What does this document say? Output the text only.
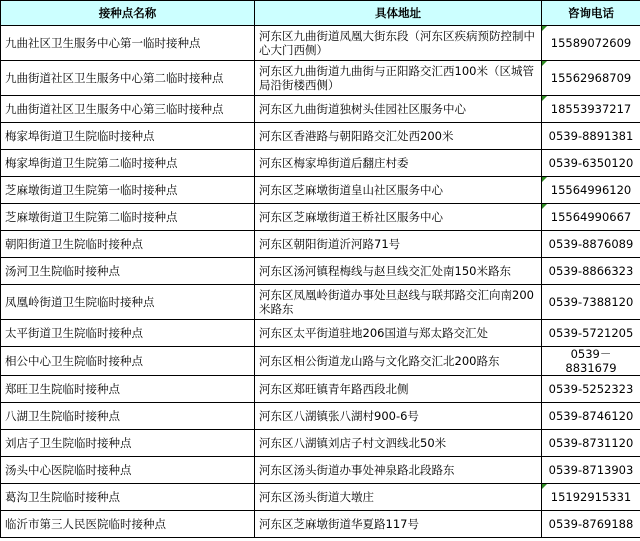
接种点名称	具体地址	咨询电话
九曲社区卫生服务中心第一临时接种点	河东区九曲街道凤凰大街东段（河东区疾病预防控制中心大门西侧）	15589072609
九曲街道社区卫生服务中心第二临时接种点	河东区九曲街道九曲街与正阳路交汇西100米（区城管局沿街楼西侧）	15562968709
九曲街道社区卫生服务中心第三临时接种点	河东区九曲街道独树头佳园社区服务中心	18553937217
梅家埠街道卫生院临时接种点	河东区香港路与朝阳路交汇处西200米	0539-8891381
梅家埠街道卫生院第二临时接种点	河东区梅家埠街道后翻庄村委	0539-6350120
芝麻墩街道卫生院第一临时接种点	河东区芝麻墩街道皇山社区服务中心	15564996120
芝麻墩街道卫生院第二临时接种点	河东区芝麻墩街道王桥社区服务中心	15564990667
朝阳街道卫生院临时接种点	河东区朝阳街道沂河路71号	0539-8876089
汤河卫生院临时接种点	河东区汤河镇程梅线与赵旦线交汇处南150米路东	0539-8866323
凤凰岭街道卫生院临时接种点	河东区凤凰岭街道办事处旦赵线与联邦路交汇向南200米路东	0539-7388120
太平街道卫生院临时接种点	河东区太平街道驻地206国道与郑太路交汇处	0539-5721205
相公中心卫生院临时接种点	河东区相公街道龙山路与文化路交汇北200路东	0539－8831679
郑旺卫生院临时接种点	河东区郑旺镇青年路西段北侧	0539-5252323
八湖卫生院临时接种点	河东区八湖镇张八湖村900-6号	0539-8746120
刘店子卫生院临时接种点	河东区八湖镇刘店子村文泗线北50米	0539-8731120
汤头中心医院临时接种点	河东区汤头街道办事处神泉路北段路东	0539-8713903
葛沟卫生院临时接种点	河东区汤头街道大墩庄	15192915331
临沂市第三人民医院临时接种点	河东区芝麻墩街道华夏路117号	0539-8769188
